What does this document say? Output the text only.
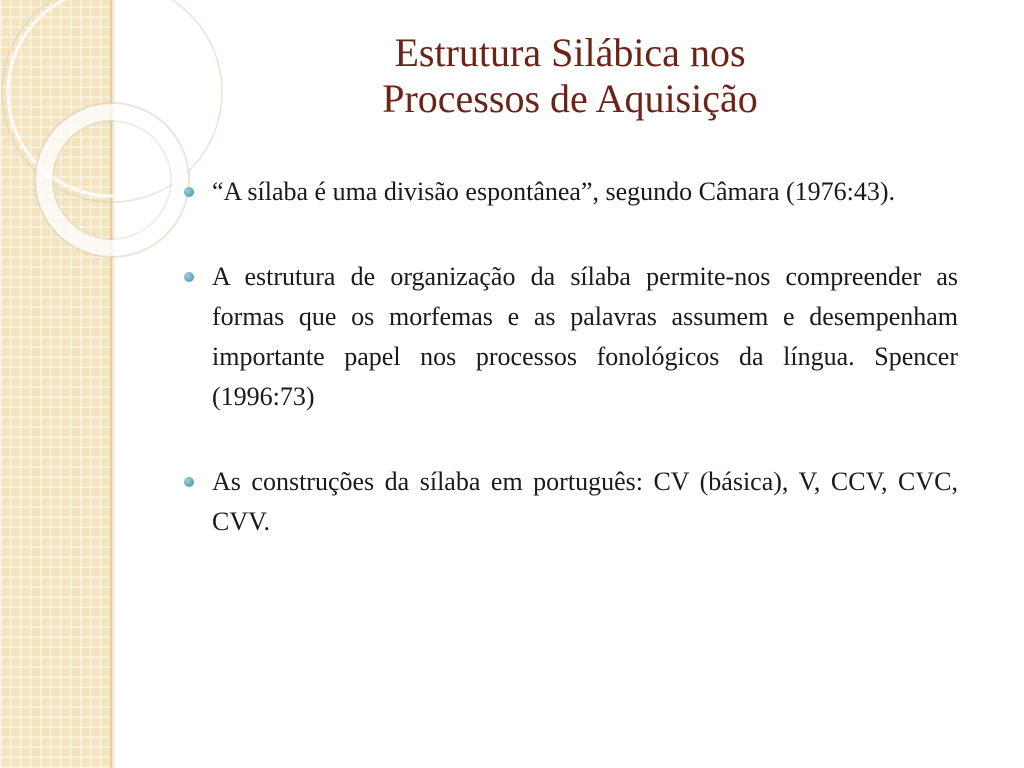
Estrutura Silábica nos
Processos de Aquisição
“A sílaba é uma divisão espontânea”, segundo Câmara (1976:43).
A estrutura de organização da sílaba permite-nos compreender as formas que os morfemas e as palavras assumem e desempenham importante papel nos processos fonológicos da língua. Spencer (1996:73)
As construções da sílaba em português: CV (básica), V, CCV, CVC, CVV.
